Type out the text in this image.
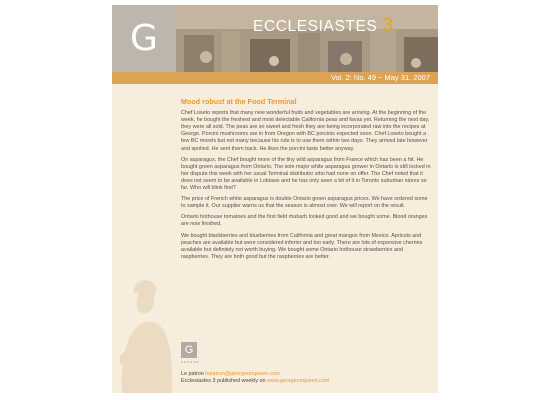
G	ECCLESIASTES 3
Vol. 2: No. 49 ~ May 31, 2007
Mood robust at the Food Terminal

Chef Loseto reports that many new wonderful fruits and vegetables are arriving. At the beginning of the week, he bought the freshest and most delectable California peas and favas yet. Returning the next day, they were all sold. The peas are so sweet and fresh they are being incorporated raw into the recipes at George. Porcini mushrooms are in from Oregon with BC porcinis expected soon. Chef Loseto bought a few BC morels but not many because his rule is to use them within two days. They arrived late however and spoiled. He sent them back. He likes the porcini taste better anyway.

On asparagus, the Chef bought more of the tiny wild asparagus from France which has been a hit. He bought green asparagus from Ontario. The sole major white asparagus grower in Ontario is still locked in her dispute this week with her usual Terminal distributor who had none on offer. The Chef noted that it does not seem to be available in Loblaws and he has only seen a bit of it in Toronto suburban stores so far. Who will blink first?

The price of French white asparagus is double Ontario green asparagus prices. We have ordered some to sample it. Our supplier warns us that the season is almost over. We will report on the result.

Ontario hothouse tomatoes and the first field rhubarb looked good and we bought some. Blood oranges are now finished.

We bought blackberries and blueberries from California and great mangos from Mexico. Apricots and peaches are available but were considered inferior and too early. There are lots of expensive cherries available but definitely not worth buying. We bought some Ontario hothouse strawberries and raspberries. They are both good but the raspberries are better.

G
GEORGE
Le patron lepatron@georgeonqueen.com
Ecclesiastes 3 published weekly on www.georgeonqueen.com
